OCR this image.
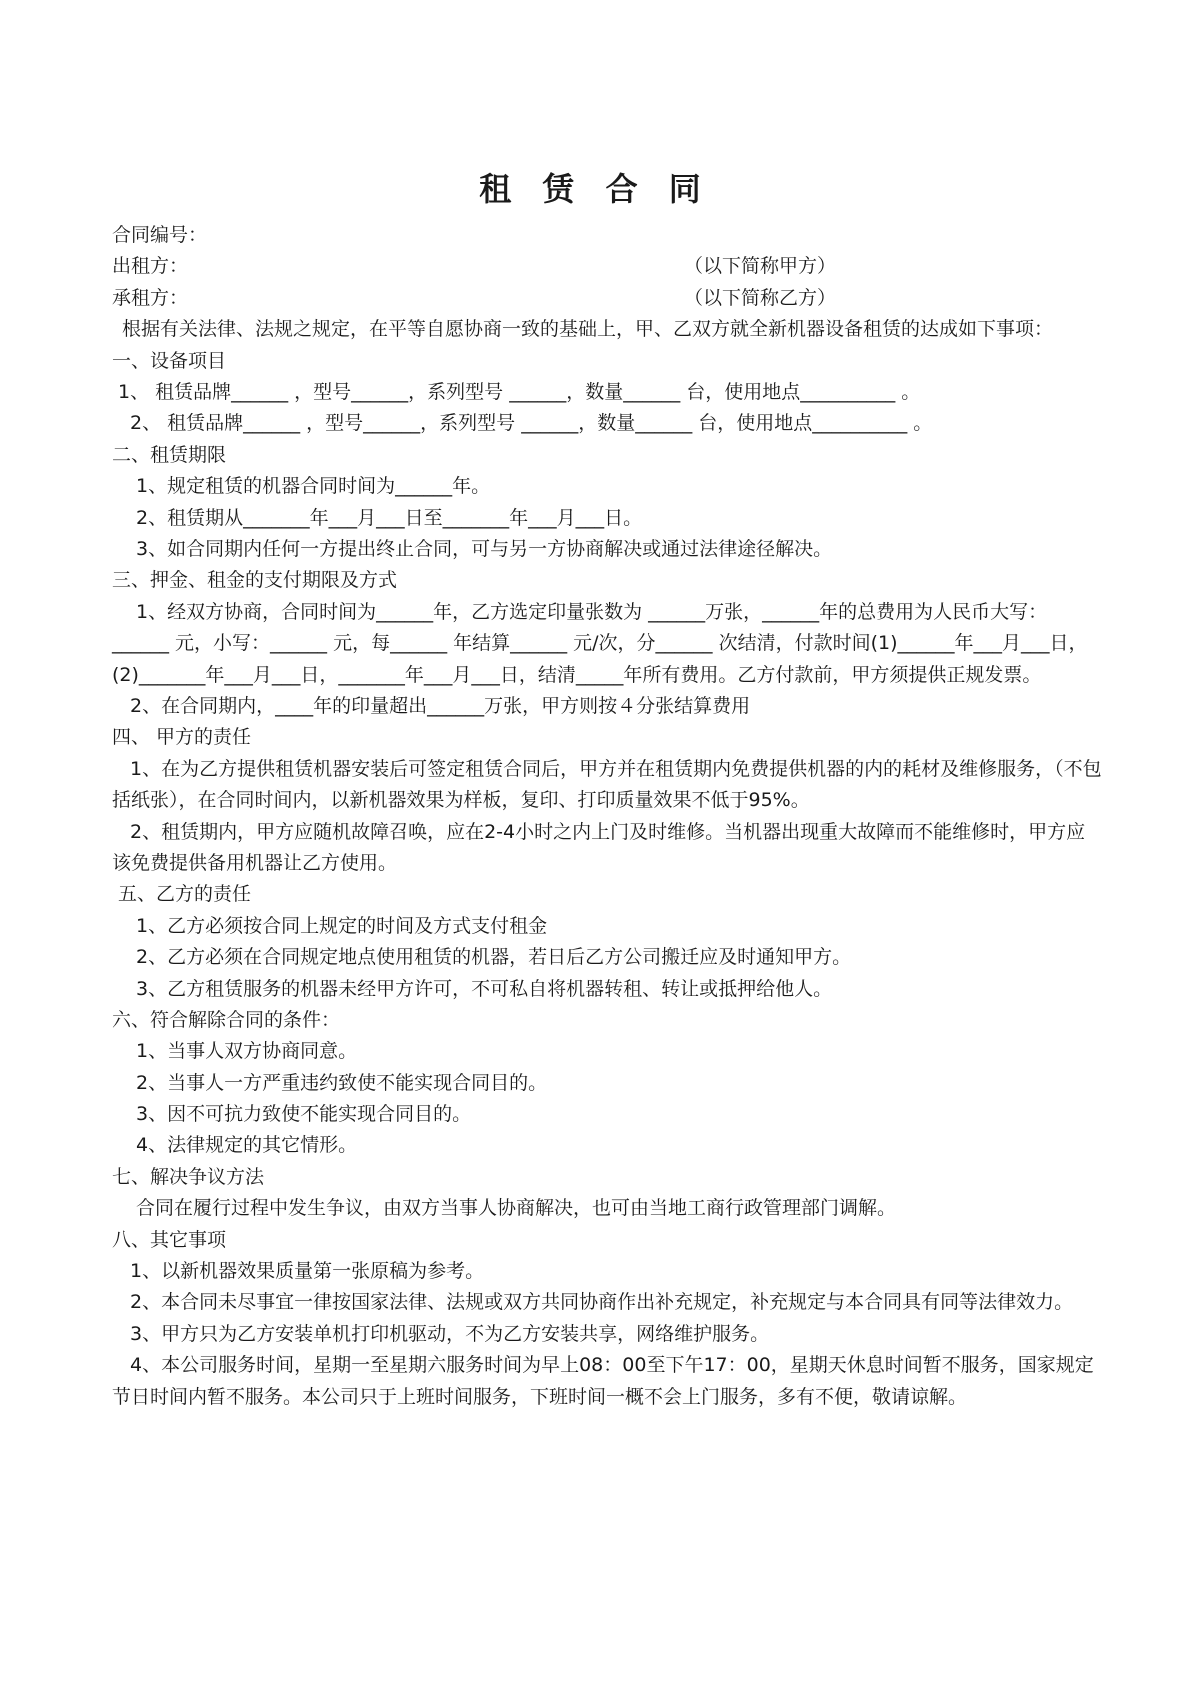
租 赁 合 同
合同编号：
出租方：	（以下简称甲方）
承租方：	（以下简称乙方）
根据有关法律、法规之规定，在平等自愿协商一致的基础上，甲、乙双方就全新机器设备租赁的达成如下事项：
一、设备项目
1、 租赁品牌______ ，型号______，系列型号 ______，数量______ 台，使用地点__________ 。
2、 租赁品牌______ ，型号______，系列型号 ______，数量______ 台，使用地点__________ 。
二、租赁期限
1、规定租赁的机器合同时间为______年。
2、租赁期从_______年___月___日至_______年___月___日。
3、如合同期内任何一方提出终止合同，可与另一方协商解决或通过法律途径解决。
三、押金、租金的支付期限及方式
1、经双方协商，合同时间为______年，乙方选定印量张数为 ______万张，______年的总费用为人民币大写：______ 元，小写：______ 元，每______ 年结算______ 元/次，分______ 次结清，付款时间(1)______年___月___日，(2)_______年___月___日，_______年___月___日，结清_____年所有费用。乙方付款前，甲方须提供正规发票。
2、在合同期内，____年的印量超出______万张，甲方则按４分张结算费用
四、 甲方的责任
1、在为乙方提供租赁机器安装后可签定租赁合同后，甲方并在租赁期内免费提供机器的内的耗材及维修服务，（不包括纸张），在合同时间内，以新机器效果为样板，复印、打印质量效果不低于95%。
2、租赁期内，甲方应随机故障召唤，应在2-4小时之内上门及时维修。当机器出现重大故障而不能维修时，甲方应该免费提供备用机器让乙方使用。
五、乙方的责任
1、乙方必须按合同上规定的时间及方式支付租金
2、乙方必须在合同规定地点使用租赁的机器，若日后乙方公司搬迁应及时通知甲方。
3、乙方租赁服务的机器未经甲方许可，不可私自将机器转租、转让或抵押给他人。
六、符合解除合同的条件：
1、当事人双方协商同意。
2、当事人一方严重违约致使不能实现合同目的。
3、因不可抗力致使不能实现合同目的。
4、法律规定的其它情形。
七、解决争议方法
合同在履行过程中发生争议，由双方当事人协商解决，也可由当地工商行政管理部门调解。
八、其它事项
1、以新机器效果质量第一张原稿为参考。
2、本合同未尽事宜一律按国家法律、法规或双方共同协商作出补充规定，补充规定与本合同具有同等法律效力。
3、甲方只为乙方安装单机打印机驱动，不为乙方安装共享，网络维护服务。
4、本公司服务时间，星期一至星期六服务时间为早上08：00至下午17：00，星期天休息时间暂不服务，国家规定节日时间内暂不服务。本公司只于上班时间服务，下班时间一概不会上门服务，多有不便，敬请谅解。
